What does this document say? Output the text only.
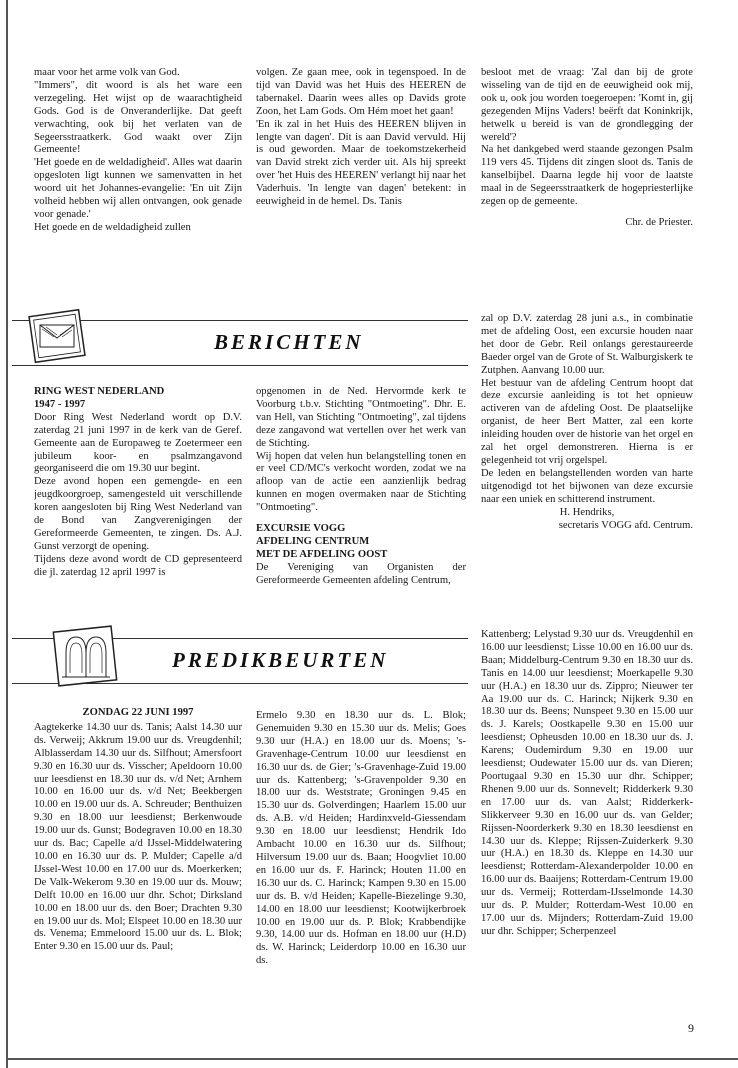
maar voor het arme volk van God.

"Immers", dit woord is als het ware een verzegeling. Het wijst op de waarachtigheid Gods. God is de Onveranderlijke. Dat geeft verwachting, ook bij het verlaten van de Segeersstraatkerk. God waakt over Zijn Gemeente!

'Het goede en de weldadigheid'. Alles wat daarin opgesloten ligt kunnen we samenvatten in het woord uit het Johannes-evangelie: 'En uit Zijn volheid hebben wij allen ontvangen, ook genade voor genade.'

Het goede en de weldadigheid zullen

volgen. Ze gaan mee, ook in tegenspoed. In de tijd van David was het Huis des HEEREN de tabernakel. Daarin wees alles op Davids grote Zoon, het Lam Gods. Om Hém moet het gaan!

'En ik zal in het Huis des HEEREN blijven in lengte van dagen'. Dit is aan David vervuld. Hij is oud geworden. Maar de toekomstzekerheid van David strekt zich verder uit. Als hij spreekt over 'het Huis des HEEREN' verlangt hij naar het Vaderhuis. 'In lengte van dagen' betekent: in eeuwigheid in de hemel. Ds. Tanis

besloot met de vraag: 'Zal dan bij de grote wisseling van de tijd en de eeuwigheid ook mij, ook u, ook jou worden toegeroepen: 'Komt in, gij gezegenden Mijns Vaders! beërft dat Koninkrijk, hetwelk u bereid is van de grondlegging der wereld'?

Na het dankgebed werd staande gezongen Psalm 119 vers 45. Tijdens dit zingen sloot ds. Tanis de kanselbijbel. Daarna legde hij voor de laatste maal in de Segeersstraatkerk de hogepriesterlijke zegen op de gemeente.

Chr. de Priester.

BERICHTEN

RING WEST NEDERLAND

1947 - 1997

Door Ring West Nederland wordt op D.V. zaterdag 21 juni 1997 in de kerk van de Geref. Gemeente aan de Europaweg te Zoetermeer een jubileum koor- en psalmzangavond georganiseerd die om 19.30 uur begint.

Deze avond hopen een gemengde- en een jeugdkoorgroep, samengesteld uit verschillende koren aangesloten bij Ring West Nederland van de Bond van Zangverenigingen der Gereformeerde Gemeenten, te zingen. Ds. A.J. Gunst verzorgt de opening.

Tijdens deze avond wordt de CD gepresenteerd die jl. zaterdag 12 april 1997 is

opgenomen in de Ned. Hervormde kerk te Voorburg t.b.v. Stichting "Ontmoeting". Dhr. E. van Hell, van Stichting "Ontmoeting", zal tijdens deze zangavond wat vertellen over het werk van de Stichting.

Wij hopen dat velen hun belangstelling tonen en er veel CD/MC's verkocht worden, zodat we na afloop van de actie een aanzienlijk bedrag kunnen en mogen overmaken naar de Stichting "Ontmoeting".

EXCURSIE VOGG

AFDELING CENTRUM

MET DE AFDELING OOST

De Vereniging van Organisten der Gereformeerde Gemeenten afdeling Centrum,

zal op D.V. zaterdag 28 juni a.s., in combinatie met de afdeling Oost, een excursie houden naar het door de Gebr. Reil onlangs gerestaureerde Baeder orgel van de Grote of St. Walburgiskerk te Zutphen. Aanvang 10.00 uur.

Het bestuur van de afdeling Centrum hoopt dat deze excursie aanleiding is tot het opnieuw activeren van de afdeling Oost. De plaatselijke organist, de heer Bert Matter, zal een korte inleiding houden over de historie van het orgel en zal het orgel demonstreren. Hierna is er gelegenheid tot vrij orgelspel.

De leden en belangstellenden worden van harte uitgenodigd tot het bijwonen van deze excursie naar een uniek en schitterend instrument.

H. Hendriks,

secretaris VOGG afd. Centrum.

PREDIKBEURTEN

ZONDAG 22 JUNI 1997

Aagtekerke 14.30 uur ds. Tanis; Aalst 14.30 uur ds. Verweij; Akkrum 19.00 uur ds. Vreugdenhil; Alblasserdam 14.30 uur ds. Silfhout; Amersfoort 9.30 en 16.30 uur ds. Visscher; Apeldoorn 10.00 uur leesdienst en 18.30 uur ds. v/d Net; Arnhem 10.00 en 16.00 uur ds. v/d Net; Beekbergen 10.00 en 19.00 uur ds. A. Schreuder; Benthuizen 9.30 en 18.00 uur leesdienst; Berkenwoude 19.00 uur ds. Gunst; Bodegraven 10.00 en 18.30 uur ds. Bac; Capelle a/d IJssel-Middelwatering 10.00 en 16.30 uur ds. P. Mulder; Capelle a/d IJssel-West 10.00 en 17.00 uur ds. Moerkerken; De Valk-Wekerom 9.30 en 19.00 uur ds. Mouw; Delft 10.00 en 16.00 uur dhr. Schot; Dirksland 10.00 en 18.00 uur ds. den Boer; Drachten 9.30 en 19.00 uur ds. Mol; Elspeet 10.00 en 18.30 uur ds. Venema; Emmeloord 15.00 uur ds. L. Blok; Enter 9.30 en 15.00 uur ds. Paul;

Ermelo 9.30 en 18.30 uur ds. L. Blok; Genemuiden 9.30 en 15.30 uur ds. Melis; Goes 9.30 uur (H.A.) en 18.00 uur ds. Moens; 's-Gravenhage-Centrum 10.00 uur leesdienst en 16.30 uur ds. de Gier; 's-Gravenhage-Zuid 19.00 uur ds. Kattenberg; 's-Gravenpolder 9.30 en 18.00 uur ds. Weststrate; Groningen 9.45 en 15.30 uur ds. Golverdingen; Haarlem 15.00 uur ds. A.B. v/d Heiden; Hardinxveld-Giessendam 9.30 en 18.00 uur leesdienst; Hendrik Ido Ambacht 10.00 en 16.30 uur ds. Silfhout; Hilversum 19.00 uur ds. Baan; Hoogvliet 10.00 en 16.00 uur ds. F. Harinck; Houten 11.00 en 16.30 uur ds. C. Harinck; Kampen 9.30 en 15.00 uur ds. B. v/d Heiden; Kapelle-Biezelinge 9.30, 14.00 en 18.00 uur leesdienst; Kootwijkerbroek 10.00 en 19.00 uur ds. P. Blok; Krabbendijke 9.30, 14.00 uur ds. Hofman en 18.00 uur (H.D) ds. W. Harinck; Leiderdorp 10.00 en 16.30 uur ds.

Kattenberg; Lelystad 9.30 uur ds. Vreugdenhil en 16.00 uur leesdienst; Lisse 10.00 en 16.00 uur ds. Baan; Middelburg-Centrum 9.30 en 18.30 uur ds. Tanis en 14.00 uur leesdienst; Moerkapelle 9.30 uur (H.A.) en 18.30 uur ds. Zippro; Nieuwer ter Aa 19.00 uur ds. C. Harinck; Nijkerk 9.30 en 18.30 uur ds. Beens; Nunspeet 9.30 en 15.00 uur ds. J. Karels; Oostkapelle 9.30 en 15.00 uur leesdienst; Opheusden 10.00 en 18.30 uur ds. J. Karens; Oudemirdum 9.30 en 19.00 uur leesdienst; Oudewater 15.00 uur ds. van Dieren; Poortugaal 9.30 en 15.30 uur dhr. Schipper; Rhenen 9.00 uur ds. Sonnevelt; Ridderkerk 9.30 en 17.00 uur ds. van Aalst; Ridderkerk-Slikkerveer 9.30 en 16.00 uur ds. van Gelder; Rijssen-Noorderkerk 9.30 en 18.30 leesdienst en 14.30 uur ds. Kleppe; Rijssen-Zuiderkerk 9.30 uur (H.A.) en 18.30 ds. Kleppe en 14.30 uur leesdienst; Rotterdam-Alexanderpolder 10.00 en 16.00 uur ds. Baaijens; Rotterdam-Centrum 19.00 uur ds. Vermeij; Rotterdam-IJsselmonde 14.30 uur ds. P. Mulder; Rotterdam-West 10.00 en 17.00 uur ds. Mijnders; Rotterdam-Zuid 19.00 uur dhr. Schipper; Scherpenzeel

9
